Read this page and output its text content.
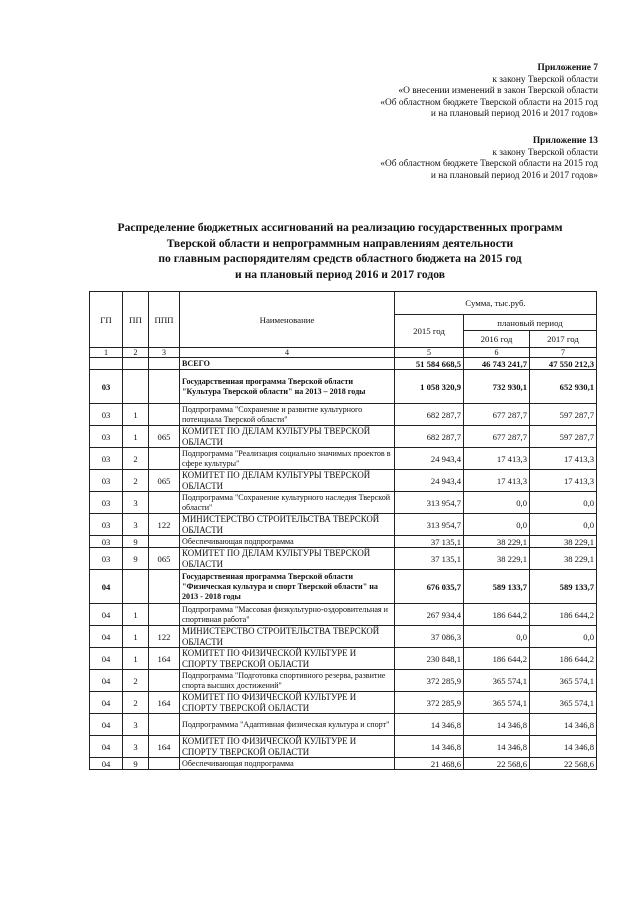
Приложение 7
к закону Тверской области
«О внесении изменений в закон Тверской области
«Об областном бюджете Тверской области на 2015 год
и на плановый период 2016 и 2017 годов»
Приложение 13
к закону Тверской области
«Об областном бюджете Тверской области на 2015 год
и на плановый период 2016 и 2017 годов»
Распределение бюджетных ассигнований на реализацию государственных программ
Тверской области и непрограммным направлениям деятельности
по главным распорядителям средств областного бюджета на 2015 год
и на плановый период 2016 и 2017 годов
ГП	ПП	ППП	Наименование	Сумма, тыс.руб.		
				2015 год	плановый период	
					2016 год	2017 год
1	2	3	4	5	6	7
			ВСЕГО	51 584 668,5	46 743 241,7	47 550 212,3
03			Государственная программа Тверской области "Культура Тверской области" на 2013 – 2018 годы	1 058 320,9	732 930,1	652 930,1
03	1		Подпрограмма "Сохранение и развитие культурного потенциала Тверской области"	682 287,7	677 287,7	597 287,7
03	1	065	КОМИТЕТ ПО ДЕЛАМ КУЛЬТУРЫ ТВЕРСКОЙ ОБЛАСТИ	682 287,7	677 287,7	597 287,7
03	2		Подпрограмма "Реализация социально значимых проектов в сфере культуры"	24 943,4	17 413,3	17 413,3
03	2	065	КОМИТЕТ ПО ДЕЛАМ КУЛЬТУРЫ ТВЕРСКОЙ ОБЛАСТИ	24 943,4	17 413,3	17 413,3
03	3		Подпрограмма "Сохранение культурного наследия Тверской области"	313 954,7	0,0	0,0
03	3	122	МИНИСТЕРСТВО СТРОИТЕЛЬСТВА ТВЕРСКОЙ ОБЛАСТИ	313 954,7	0,0	0,0
03	9		Обеспечивающая подпрограмма	37 135,1	38 229,1	38 229,1
03	9	065	КОМИТЕТ ПО ДЕЛАМ КУЛЬТУРЫ ТВЕРСКОЙ ОБЛАСТИ	37 135,1	38 229,1	38 229,1
04			Государственная программа Тверской области "Физическая культура и спорт Тверской области" на 2013 - 2018 годы	676 035,7	589 133,7	589 133,7
04	1		Подпрограмма "Массовая физкультурно-оздоровительная и спортивная работа"	267 934,4	186 644,2	186 644,2
04	1	122	МИНИСТЕРСТВО СТРОИТЕЛЬСТВА ТВЕРСКОЙ ОБЛАСТИ	37 086,3	0,0	0,0
04	1	164	КОМИТЕТ ПО ФИЗИЧЕСКОЙ КУЛЬТУРЕ И СПОРТУ ТВЕРСКОЙ ОБЛАСТИ	230 848,1	186 644,2	186 644,2
04	2		Подпрограмма "Подготовка спортивного резерва, развитие спорта высших достижений"	372 285,9	365 574,1	365 574,1
04	2	164	КОМИТЕТ ПО ФИЗИЧЕСКОЙ КУЛЬТУРЕ И СПОРТУ ТВЕРСКОЙ ОБЛАСТИ	372 285,9	365 574,1	365 574,1
04	3		Подпрограммма "Адаптивная физическая культура и спорт"	14 346,8	14 346,8	14 346,8
04	3	164	КОМИТЕТ ПО ФИЗИЧЕСКОЙ КУЛЬТУРЕ И СПОРТУ ТВЕРСКОЙ ОБЛАСТИ	14 346,8	14 346,8	14 346,8
04	9		Обеспечивающая подпрограмма	21 468,6	22 568,6	22 568,6
